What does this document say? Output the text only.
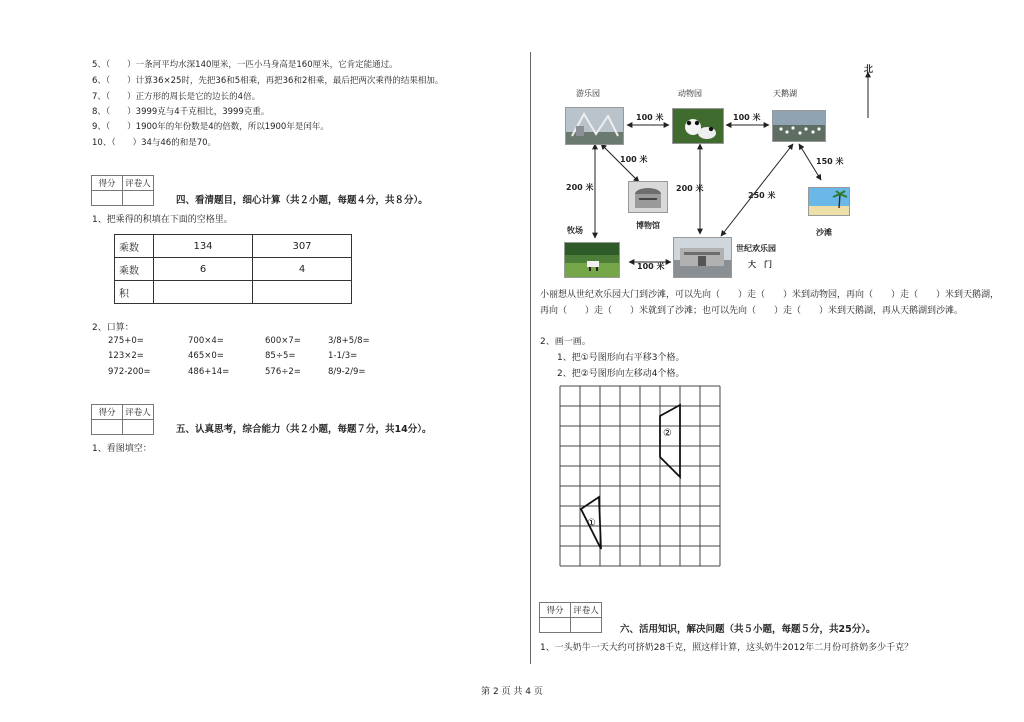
5、（　　）一条河平均水深140厘米，一匹小马身高是160厘米，它肯定能通过。
6、（　　）计算36×25时，先把36和5相乘，再把36和2相乘，最后把两次乘得的结果相加。
7、（　　）正方形的周长是它的边长的4倍。
8、（　　）3999克与4千克相比，3999克重。
9、（　　）1900年的年份数是4的倍数，所以1900年是闰年。
10、（　　）34与46的和是70。
得分	评卷人

四、看清题目，细心计算（共２小题，每题４分，共８分）。
1、把乘得的积填在下面的空格里。
乘数	134	307
乘数	6	4
积		
2、口算：
275+0=	700×4=	600×7=	3/8+5/8=
123×2=	465×0=	85÷5=	1-1/3=
972-200=	486+14=	576÷2=	8/9-2/9=
得分	评卷人

五、认真思考，综合能力（共２小题，每题７分，共14分）。
1、看图填空：
北
游乐园	动物园	天鹅湖
博物馆
沙滩
牧场
世纪欢乐园
大　门
100 米	100 米
100 米
200 米	200 米
250 米
150 米
100 米
小丽想从世纪欢乐园大门到沙滩，可以先向（　　）走（　　）米到动物园，再向（　　）走（　　）米到天鹅湖，再向（　　）走（　　）米就到了沙滩；也可以先向（　　）走（　　）米到天鹅湖，再从天鹅湖到沙滩。
2、画一画。
1、把①号图形向右平移3个格。
2、把②号图形向左移动4个格。
①
②
得分	评卷人

六、活用知识，解决问题（共５小题，每题５分，共25分）。
1、一头奶牛一天大约可挤奶28千克，照这样计算，这头奶牛2012年二月份可挤奶多少千克？
第 2 页 共 4 页
